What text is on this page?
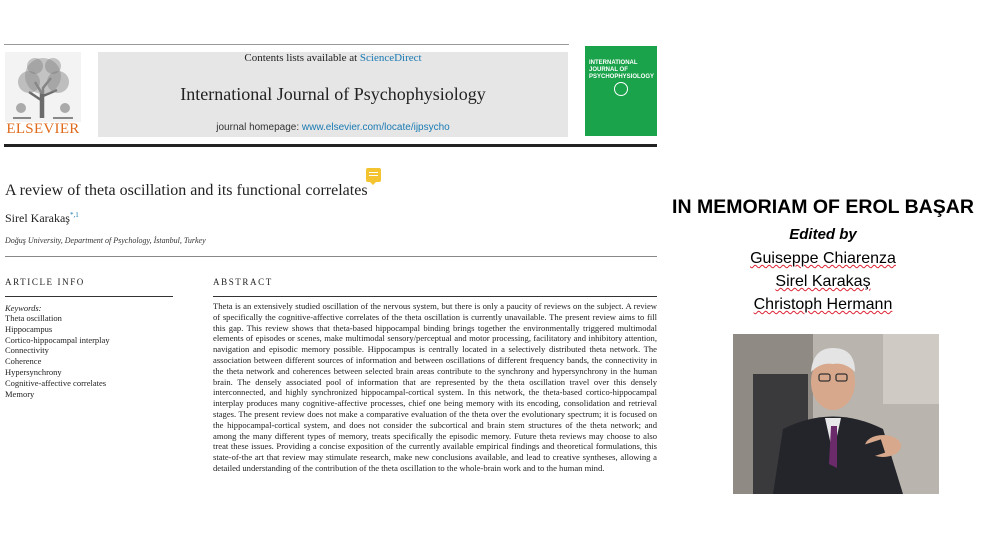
ELSEVIER
Contents lists available at ScienceDirect
International Journal of Psychophysiology
journal homepage: www.elsevier.com/locate/ijpsycho
INTERNATIONAL JOURNAL OF PSYCHOPHYSIOLOGY
A review of theta oscillation and its functional correlates
Sirel Karakaş$^{*,1}$
Doğuş University, Department of Psychology, İstanbul, Turkey
ARTICLE INFO
Keywords:
Theta oscillation
Hippocampus
Cortico-hippocampal interplay
Connectivity
Coherence
Hypersynchrony
Cognitive-affective correlates
Memory
ABSTRACT
Theta is an extensively studied oscillation of the nervous system, but there is only a paucity of reviews on the subject. A review of specifically the cognitive-affective correlates of the theta oscillation is currently unavailable. The present review aims to fill this gap. This review shows that theta-based hippocampal binding brings together the environmentally triggered multimodal elements of episodes or scenes, make multimodal sensory/perceptual and motor processing, facilitatory and inhibitory attention, navigation and episodic memory possible. Hippocampus is centrally located in a selectively distributed theta network. The association between different sources of information and between oscillations of different frequency bands, the connectivity in the theta network and coherences between selected brain areas contribute to the synchrony and hypersynchrony in the human brain. The densely associated pool of information that are represented by the theta oscillation travel over this densely interconnected, and highly synchronized hippocampal-cortical system. In this network, the theta-based cortico-hippocampal interplay produces many cognitive-affective processes, chief one being memory with its encoding, consolidation and retrieval stages. The present review does not make a comparative evaluation of the theta over the evolutionary spectrum; it is focused on the hippocampal-cortical system, and does not consider the subcortical and brain stem structures of the theta network; and among the many different types of memory, treats specifically the episodic memory. Future theta reviews may choose to also treat these issues. Providing a concise exposition of the currently available empirical findings and theoretical formulations, this state-of-the art that review may stimulate research, make new conclusions available, and lead to creative syntheses, allowing a detailed understanding of the contribution of the theta oscillation to the whole-brain work and to the human mind.
IN MEMORIAM OF EROL BAŞAR
Edited by
Guiseppe Chiarenza
Sirel Karakaş
Christoph Hermann
